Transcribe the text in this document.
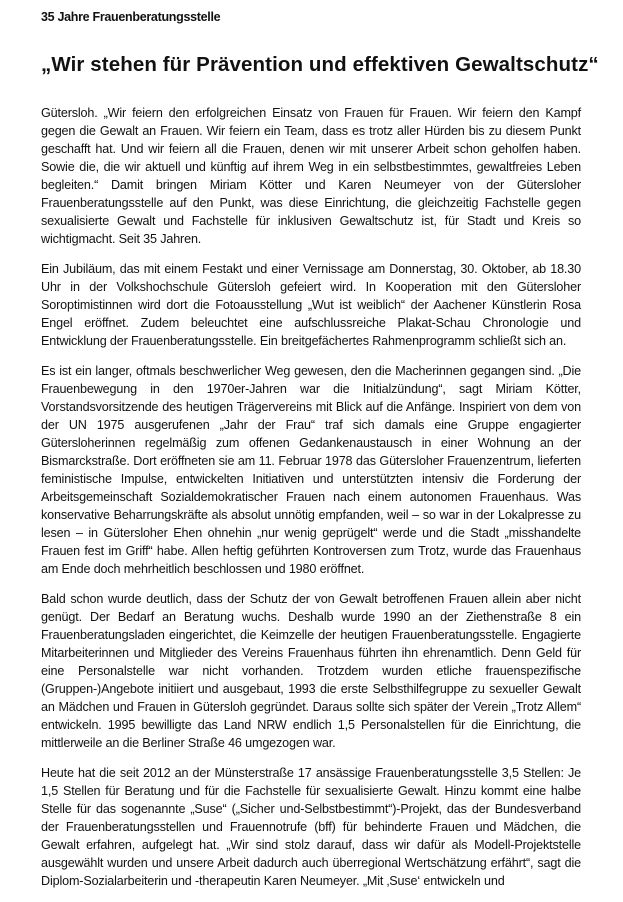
35 Jahre Frauenberatungsstelle
„Wir stehen für Prävention und effektiven Gewaltschutz“

Gütersloh. „Wir feiern den erfolgreichen Einsatz von Frauen für Frauen. Wir feiern den Kampf gegen die Gewalt an Frauen. Wir feiern ein Team, dass es trotz aller Hürden bis zu diesem Punkt geschafft hat. Und wir feiern all die Frauen, denen wir mit unserer Arbeit schon geholfen haben. Sowie die, die wir aktuell und künftig auf ihrem Weg in ein selbstbestimmtes, gewaltfreies Leben begleiten.“ Damit bringen Miriam Kötter und Karen Neumeyer von der Gütersloher Frauenberatungsstelle auf den Punkt, was diese Einrichtung, die gleichzeitig Fachstelle gegen sexualisierte Gewalt und Fachstelle für inklusiven Gewaltschutz ist, für Stadt und Kreis so wichtigmacht. Seit 35 Jahren.

Ein Jubiläum, das mit einem Festakt und einer Vernissage am Donnerstag, 30. Oktober, ab 18.30 Uhr in der Volkshochschule Gütersloh gefeiert wird. In Kooperation mit den Gütersloher Soroptimistinnen wird dort die Fotoausstellung „Wut ist weiblich“ der Aachener Künstlerin Rosa Engel eröffnet. Zudem beleuchtet eine aufschlussreiche Plakat-Schau Chronologie und Entwicklung der Frauenberatungsstelle. Ein breitgefächertes Rahmenprogramm schließt sich an.

Es ist ein langer, oftmals beschwerlicher Weg gewesen, den die Macherinnen gegangen sind. „Die Frauenbewegung in den 1970er-Jahren war die Initialzündung“, sagt Miriam Kötter, Vorstandsvorsitzende des heutigen Trägervereins mit Blick auf die Anfänge. Inspiriert von dem von der UN 1975 ausgerufenen „Jahr der Frau“ traf sich damals eine Gruppe engagierter Gütersloherinnen regelmäßig zum offenen Gedankenaustausch in einer Wohnung an der Bismarckstraße. Dort eröffneten sie am 11. Februar 1978 das Gütersloher Frauenzentrum, lieferten feministische Impulse, entwickelten Initiativen und unterstützten intensiv die Forderung der Arbeitsgemeinschaft Sozialdemokratischer Frauen nach einem autonomen Frauenhaus. Was konservative Beharrungskräfte als absolut unnötig empfanden, weil – so war in der Lokalpresse zu lesen – in Gütersloher Ehen ohnehin „nur wenig geprügelt“ werde und die Stadt „misshandelte Frauen fest im Griff“ habe. Allen heftig geführten Kontroversen zum Trotz, wurde das Frauenhaus am Ende doch mehrheitlich beschlossen und 1980 eröffnet.

Bald schon wurde deutlich, dass der Schutz der von Gewalt betroffenen Frauen allein aber nicht genügt. Der Bedarf an Beratung wuchs. Deshalb wurde 1990 an der Ziethenstraße 8 ein Frauenberatungsladen eingerichtet, die Keimzelle der heutigen Frauenberatungsstelle. Engagierte Mitarbeiterinnen und Mitglieder des Vereins Frauenhaus führten ihn ehrenamtlich. Denn Geld für eine Personalstelle war nicht vorhanden. Trotzdem wurden etliche frauenspezifische (Gruppen-)Angebote initiiert und ausgebaut, 1993 die erste Selbsthilfegruppe zu sexueller Gewalt an Mädchen und Frauen in Gütersloh gegründet. Daraus sollte sich später der Verein „Trotz Allem“ entwickeln. 1995 bewilligte das Land NRW endlich 1,5 Personalstellen für die Einrichtung, die mittlerweile an die Berliner Straße 46 umgezogen war.

Heute hat die seit 2012 an der Münsterstraße 17 ansässige Frauenberatungsstelle 3,5 Stellen: Je 1,5 Stellen für Beratung und für die Fachstelle für sexualisierte Gewalt. Hinzu kommt eine halbe Stelle für das sogenannte „Suse“ („Sicher und-Selbstbestimmt“)-Projekt, das der Bundesverband der Frauenberatungsstellen und Frauennotrufe (bff) für behinderte Frauen und Mädchen, die Gewalt erfahren, aufgelegt hat. „Wir sind stolz darauf, dass wir dafür als Modell-Projektstelle ausgewählt wurden und unsere Arbeit dadurch auch überregional Wertschätzung erfährt“, sagt die Diplom-Sozialarbeiterin und -therapeutin Karen Neumeyer. „Mit ‚Suse‘ entwickeln und
